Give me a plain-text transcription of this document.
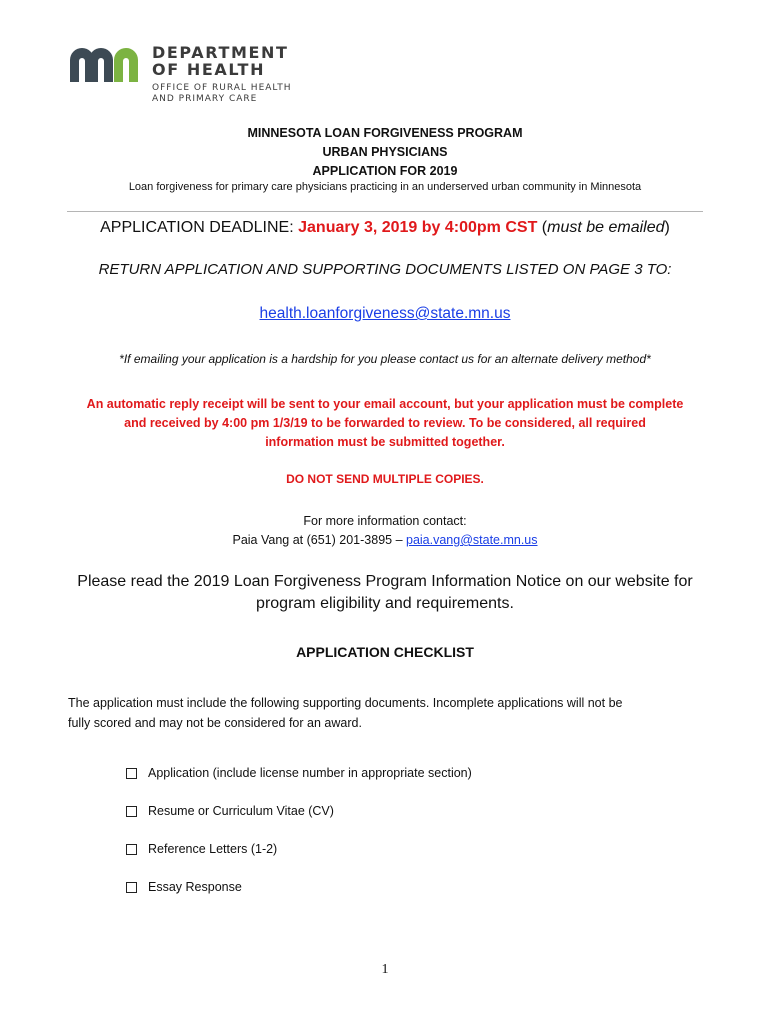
DEPARTMENT
OF HEALTH
OFFICE OF RURAL HEALTH
AND PRIMARY CARE
MINNESOTA LOAN FORGIVENESS PROGRAM
URBAN PHYSICIANS
APPLICATION FOR 2019
Loan forgiveness for primary care physicians practicing in an underserved urban community in Minnesota
APPLICATION DEADLINE: January 3, 2019 by 4:00pm CST (must be emailed)
RETURN APPLICATION AND SUPPORTING DOCUMENTS LISTED ON PAGE 3 TO:
health.loanforgiveness@state.mn.us
*If emailing your application is a hardship for you please contact us for an alternate delivery method*
An automatic reply receipt will be sent to your email account, but your application must be complete
and received by 4:00 pm 1/3/19 to be forwarded to review. To be considered, all required
information must be submitted together.
DO NOT SEND MULTIPLE COPIES.
For more information contact:
Paia Vang at (651) 201-3895 – paia.vang@state.mn.us
Please read the 2019 Loan Forgiveness Program Information Notice on our website for
program eligibility and requirements.
APPLICATION CHECKLIST
The application must include the following supporting documents. Incomplete applications will not be
fully scored and may not be considered for an award.
Application (include license number in appropriate section)
Resume or Curriculum Vitae (CV)
Reference Letters (1-2)
Essay Response
1
